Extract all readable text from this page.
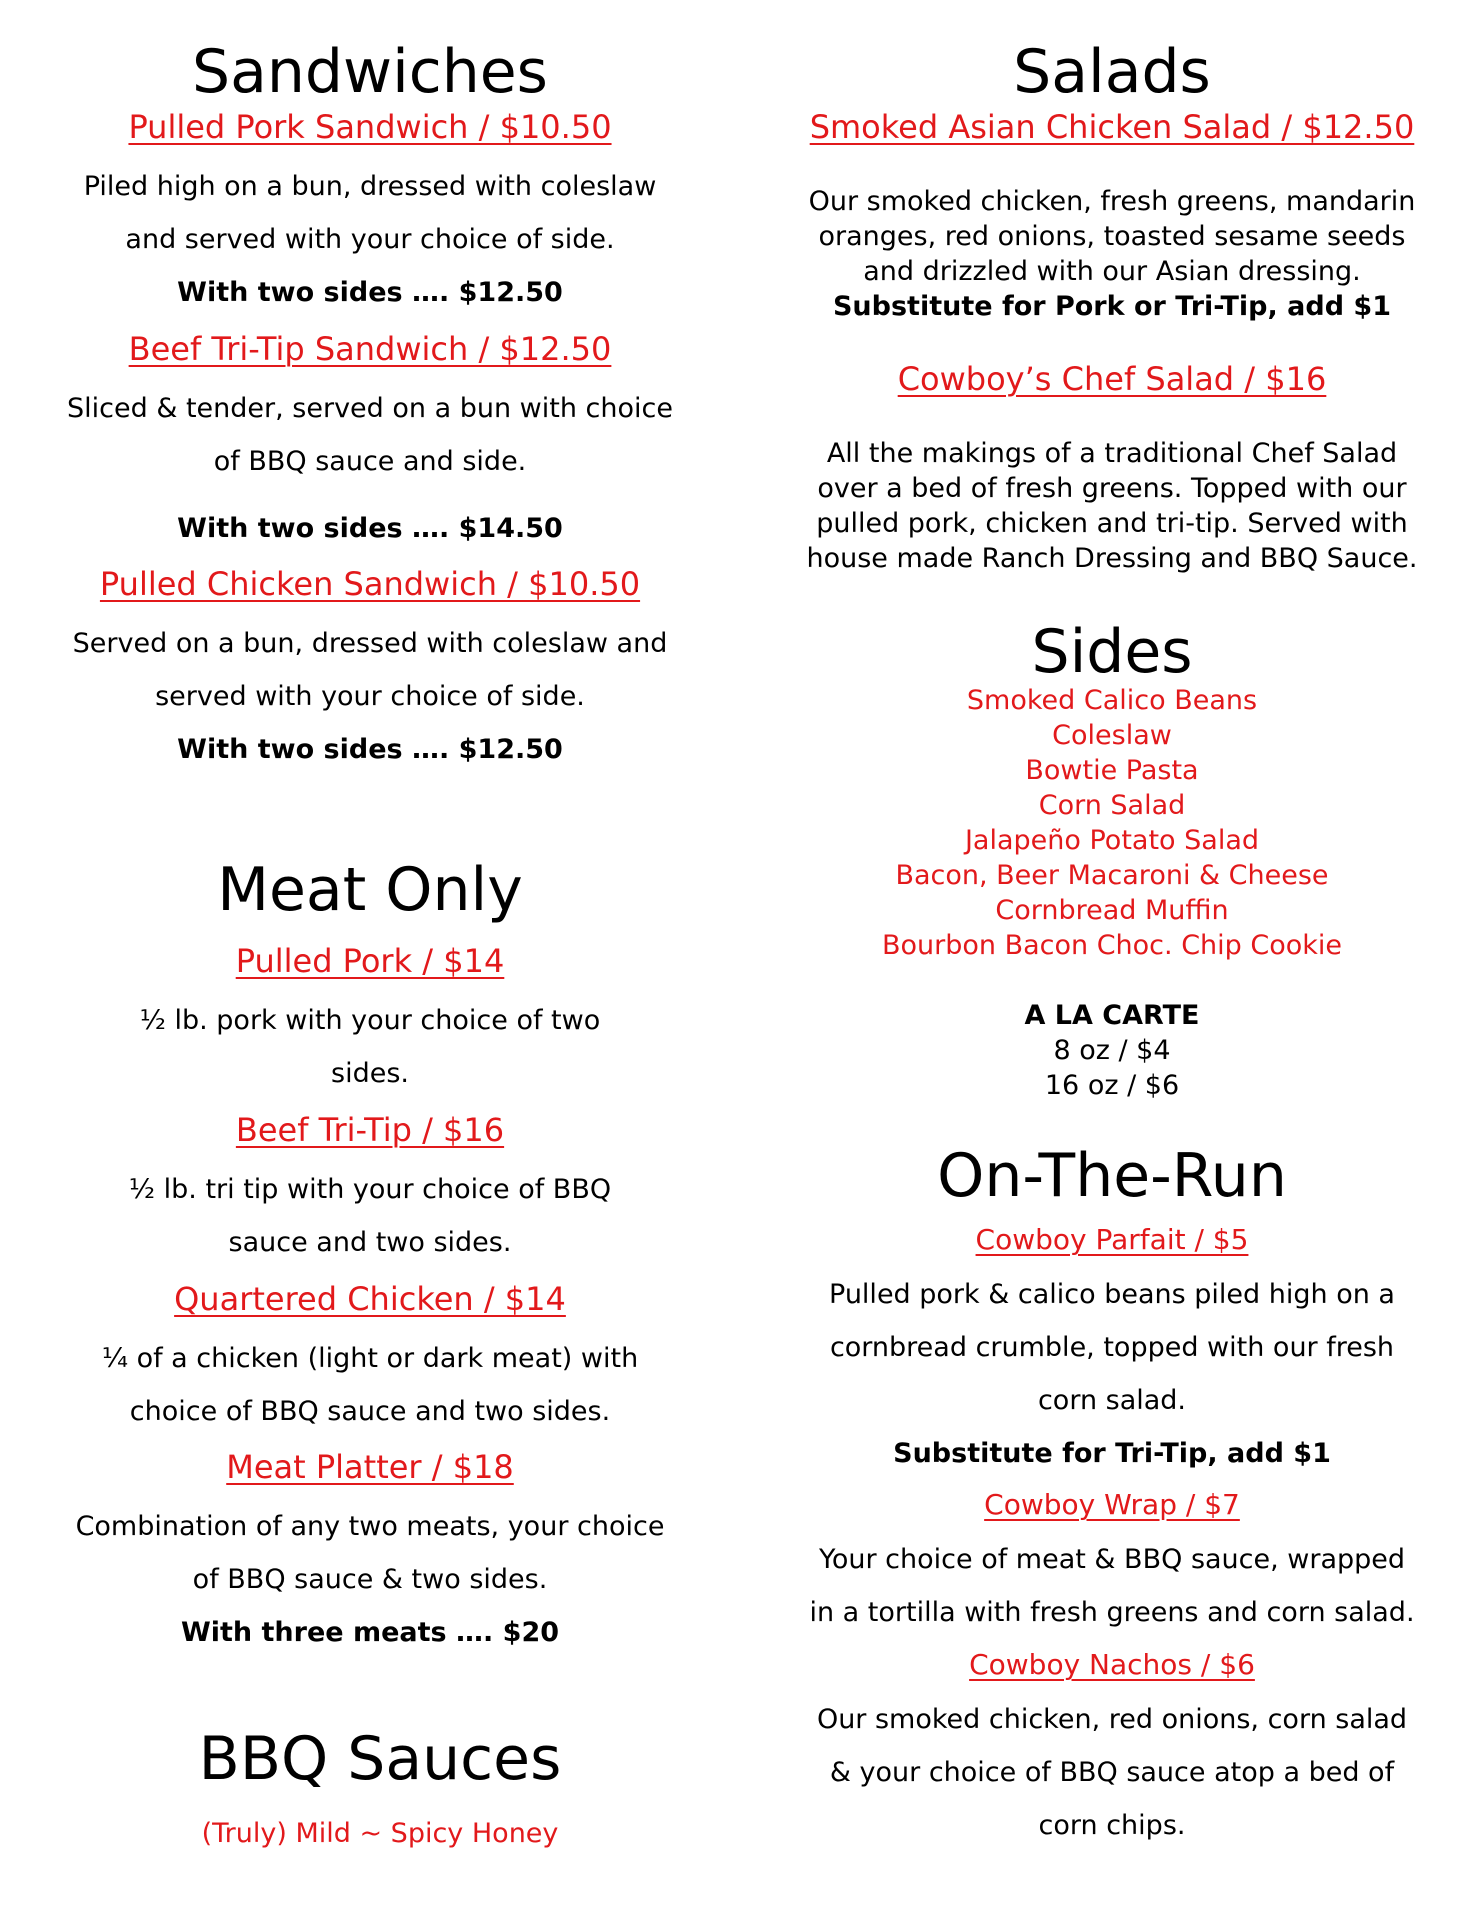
Sandwiches
Pulled Pork Sandwich / $10.50
Piled high on a bun, dressed with coleslaw
and served with your choice of side.
With two sides …. $12.50
Beef Tri-Tip Sandwich / $12.50
Sliced & tender, served on a bun with choice
of BBQ sauce and side.
With two sides …. $14.50
Pulled Chicken Sandwich / $10.50
Served on a bun, dressed with coleslaw and
served with your choice of side.
With two sides …. $12.50
Meat Only
Pulled Pork / $14
½ lb. pork with your choice of two
sides.
Beef Tri-Tip / $16
½ lb. tri tip with your choice of BBQ
sauce and two sides.
Quartered Chicken / $14
¼ of a chicken (light or dark meat) with
choice of BBQ sauce and two sides.
Meat Platter / $18
Combination of any two meats, your choice
of BBQ sauce & two sides.
With three meats …. $20
BBQ Sauces
(Truly) Mild ~ Spicy Honey
Salads
Smoked Asian Chicken Salad / $12.50
Our smoked chicken, fresh greens, mandarin
oranges, red onions, toasted sesame seeds
and drizzled with our Asian dressing.
Substitute for Pork or Tri-Tip, add $1
Cowboy’s Chef Salad / $16
All the makings of a traditional Chef Salad
over a bed of fresh greens. Topped with our
pulled pork, chicken and tri-tip. Served with
house made Ranch Dressing and BBQ Sauce.
Sides
Smoked Calico Beans
Coleslaw
Bowtie Pasta
Corn Salad
Jalapeño Potato Salad
Bacon, Beer Macaroni & Cheese
Cornbread Muffin
Bourbon Bacon Choc. Chip Cookie
A LA CARTE
8 oz / $4
16 oz / $6
On-The-Run
Cowboy Parfait / $5
Pulled pork & calico beans piled high on a
cornbread crumble, topped with our fresh
corn salad.
Substitute for Tri-Tip, add $1
Cowboy Wrap / $7
Your choice of meat & BBQ sauce, wrapped
in a tortilla with fresh greens and corn salad.
Cowboy Nachos / $6
Our smoked chicken, red onions, corn salad
& your choice of BBQ sauce atop a bed of
corn chips.
